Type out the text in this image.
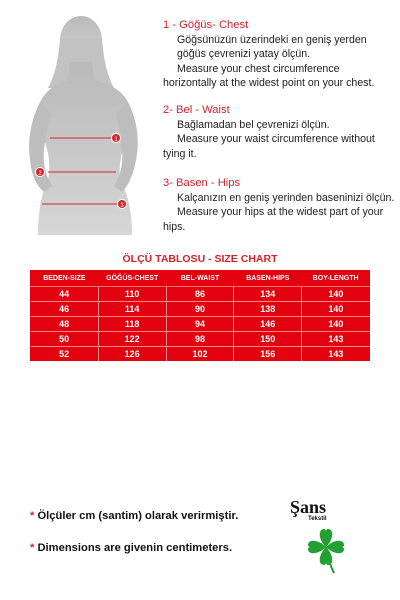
1
2
3
1 - Göğüs- Chest
Göğsünüzün üzerindeki en geniş yerden göğüs çevrenizi yatay ölçün.
Measure your chest circumference horizontally at the widest point on your chest.
2- Bel - Waist
Bağlamadan bel çevrenizi ölçün.
Measure your waist circumference without tying it.
3- Basen - Hips
Kalçanızın en geniş yerinden baseninizi ölçün.
Measure your hips at the widest part of your hips.
ÖLÇÜ TABLOSU - SIZE CHART
BEDEN-SIZE	GÖĞÜS-CHEST	BEL-WAIST	BASEN-HIPS	BOY-LENGTH
44	110	86	134	140
46	114	90	138	140
48	118	94	146	140
50	122	98	150	143
52	126	102	156	143
* Ölçüler cm (santim) olarak verirmiştir.
* Dimensions are givenin centimeters.
Şans
Tekstil
